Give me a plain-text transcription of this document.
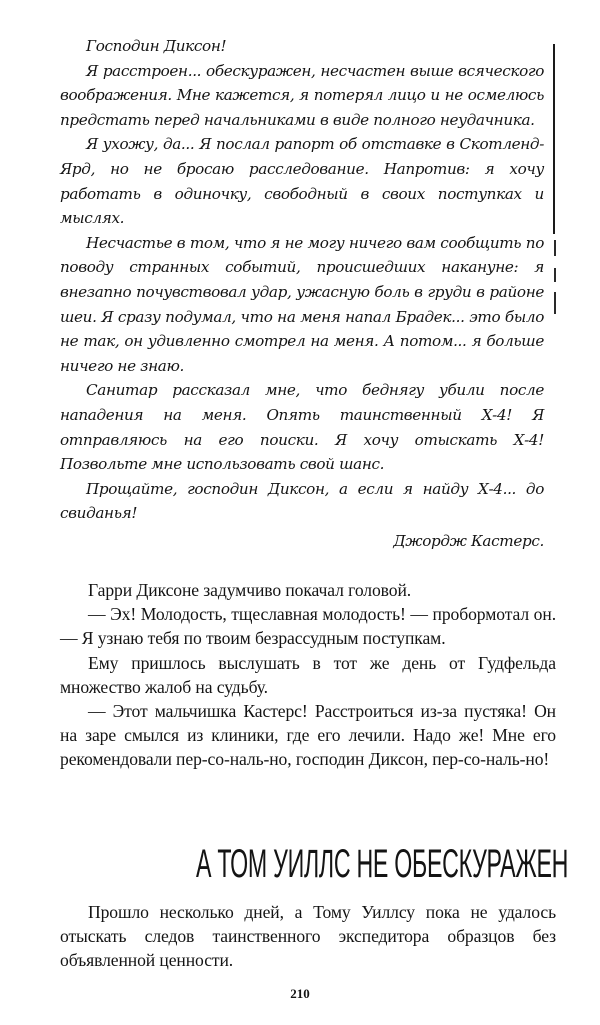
Господин Диксон!

Я расстроен... обескуражен, несчастен выше всяческого воображения. Мне кажется, я потерял лицо и не осмелюсь предстать перед начальниками в виде полного неудачника.

Я ухожу, да... Я послал рапорт об отставке в Скотленд-Ярд, но не бросаю расследование. Напротив: я хочу работать в одиночку, свободный в своих поступках и мыслях.

Несчастье в том, что я не могу ничего вам сообщить по поводу странных событий, происшедших накануне: я внезапно почувствовал удар, ужасную боль в груди в районе шеи. Я сразу подумал, что на меня напал Брадек... это было не так, он удивленно смотрел на меня. А потом... я больше ничего не знаю.

Санитар рассказал мне, что беднягу убили после нападения на меня. Опять таинственный Х-4! Я отправляюсь на его поиски. Я хочу отыскать Х-4! Позвольте мне использовать свой шанс.

Прощайте, господин Диксон, а если я найду Х-4... до свиданья!

Джордж Кастерс.

Гарри Диксоне задумчиво покачал головой.

— Эх! Молодость, тщеславная молодость! — пробормотал он. — Я узнаю тебя по твоим безрассудным поступкам.

Ему пришлось выслушать в тот же день от Гудфельда множество жалоб на судьбу.

— Этот мальчишка Кастерс! Расстроиться из-за пустяка! Он на заре смылся из клиники, где его лечили. Надо же! Мне его рекомендовали пер-со-наль-но, господин Диксон, пер-со-наль-но!

А ТОМ УИЛЛС НЕ ОБЕСКУРАЖЕН

Прошло несколько дней, а Тому Уиллсу пока не удалось отыскать следов таинственного экспедитора образцов без объявленной ценности.

210
